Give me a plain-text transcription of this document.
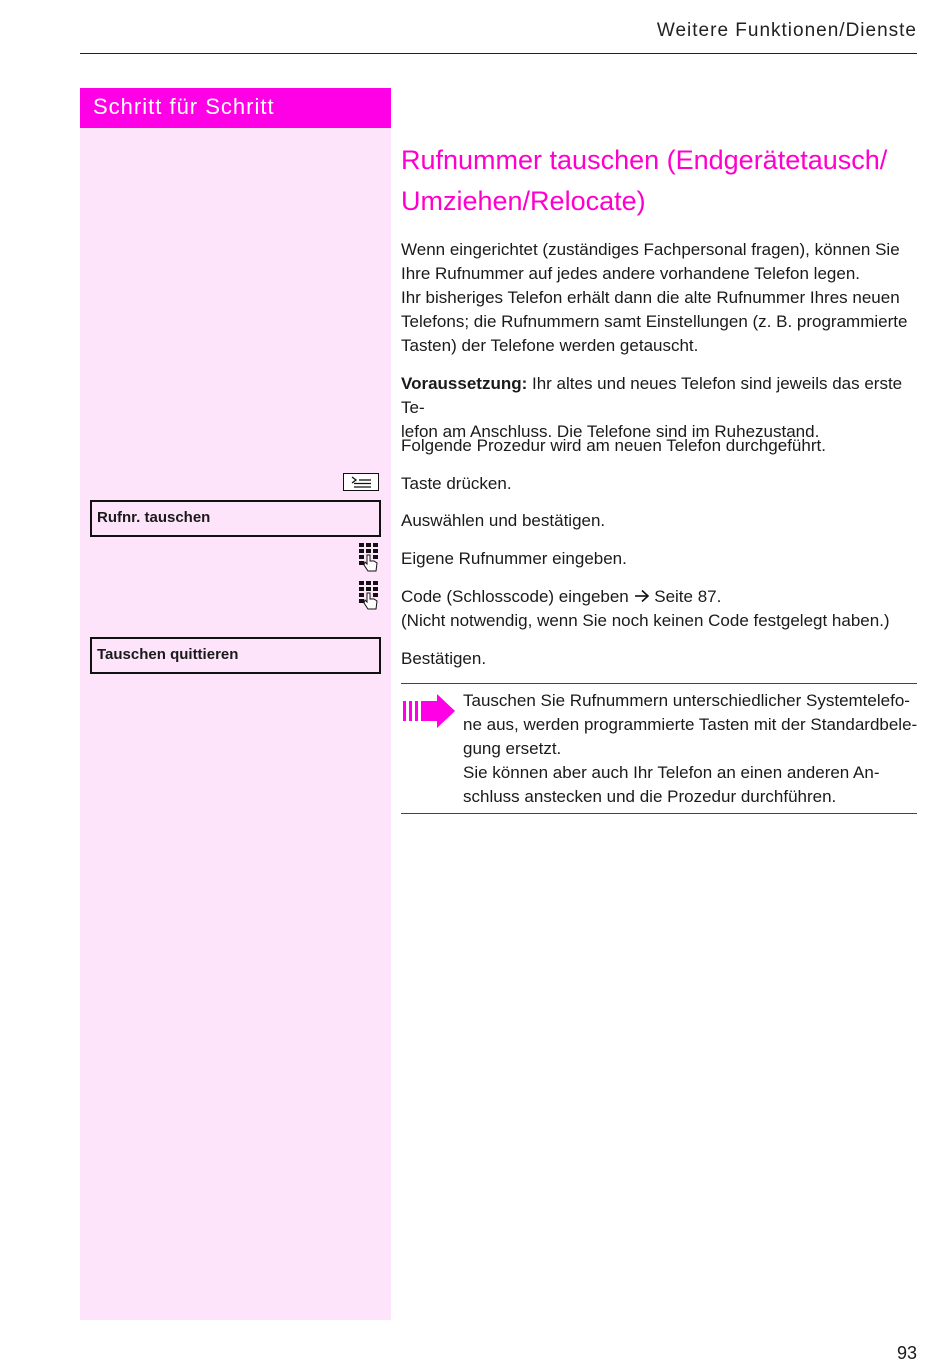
Weitere Funktionen/Dienste
Schritt für Schritt
Rufnr. tauschen
Tauschen quittieren
Rufnummer tauschen (Endgerätetausch/
Umziehen/Relocate)
Wenn eingerichtet (zuständiges Fachpersonal fragen), können Sie
Ihre Rufnummer auf jedes andere vorhandene Telefon legen.
Ihr bisheriges Telefon erhält dann die alte Rufnummer Ihres neuen
Telefons; die Rufnummern samt Einstellungen (z. B. programmierte
Tasten) der Telefone werden getauscht.
Voraussetzung: Ihr altes und neues Telefon sind jeweils das erste Te-
lefon am Anschluss. Die Telefone sind im Ruhezustand.
Folgende Prozedur wird am neuen Telefon durchgeführt.
Taste drücken.
Auswählen und bestätigen.
Eigene Rufnummer eingeben.
Code (Schlosscode) eingeben Seite 87.
(Nicht notwendig, wenn Sie noch keinen Code festgelegt haben.)
Bestätigen.
Tauschen Sie Rufnummern unterschiedlicher Systemtelefo-
ne aus, werden programmierte Tasten mit der Standardbele-
gung ersetzt.
Sie können aber auch Ihr Telefon an einen anderen An-
schluss anstecken und die Prozedur durchführen.
93
